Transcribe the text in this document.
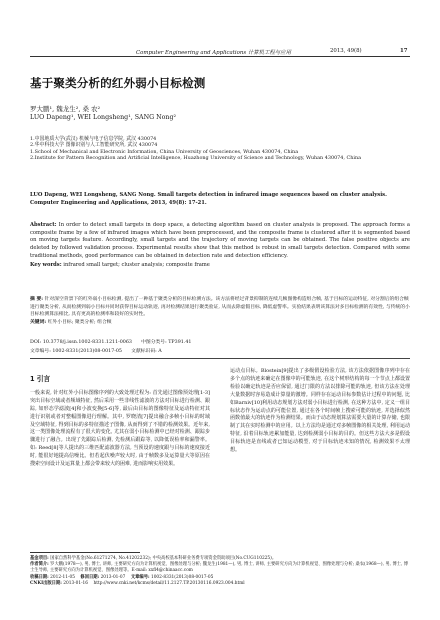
Computer Engineering and Applications 计算机工程与应用	2013, 49(8)	17
基于聚类分析的红外弱小目标检测
罗大鹏¹, 魏龙生², 桑 农²
LUO Dapeng¹, WEI Longsheng¹, SANG Nong²
1.中国地质大学(武汉) 机械与电子信息学院, 武汉 430074
2.华中科技大学 图像识别与人工智能研究所, 武汉 430074
1.School of Mechanical and Electronic Information, China University of Geosciences, Wuhan 430074, China
2.Institute for Pattern Recognition and Artificial Intelligence, Huazhong University of Science and Technology, Wuhan 430074, China
LUO Dapeng, WEI Longsheng, SANG Nong. Small targets detection in infrared image sequences based on cluster analysis. Computer Engineering and Applications, 2013, 49(8): 17-21.
Abstract: In order to detect small targets in deep space, a detecting algorithm based on cluster analysis is proposed. The approach forms a composite frame by a few of infrared images which have been preprocessed, and the composite frame is clustered after it is segmented based on moving targets feature. Accordingly, small targets and the trajectory of moving targets can be obtained. The false positive objects are deleted by followed validation process. Experimental results show that this method is robust in small targets detection. Compared with some traditional methods, good performance can be obtained in detection rate and detection efficiency.
Key words: infrared small target; cluster analysis; composite frame
摘 要: 针对深空背景下的红外弱小目标检测, 提出了一种基于聚类分析的目标检测方法。该方法将经过背景抑制的连续几帧图像构造组合帧, 基于目标的运动特征, 对分割后的组合帧进行聚类分析, 从而检测到弱小目标并同时获得目标运动轨迹, 再对检测结果进行聚类验证, 从而去除虚假目标, 降低虚警率。实验结果表明该算法对多目标检测的有效性, 与传统的小目标检测算法相比, 具有更高的检测率和较好的实时性。
关键词: 红外小目标; 聚类分析; 组合帧
DOI: 10.3778/j.issn.1002-8331.1211-0063 中图分类号: TP391.41
文章编号: 1002-8331(2013)08-0017-05 文献标识码: A
1 引言

一般来说, 针对红外小目标图像序列的大致处理过程为: 首先通过图像预处理[1-3] 突出目标空域或者频域特征, 然后采用一些非线性滤波的方法对目标进行检测、跟踪, 如形态学滤波[4]和小波变换[5-6]等, 最后由目标的图像特征及运动特征对其进行识别或者对整幅图像进行理解。其中, 罗晓清[7]提出融合多帧小目标的时域及空域特征, 得到目标的多特征描述子图像, 从而得到了不错的检测效果。近年来, 这一类图像处理流程有了很大的变化, 尤其在弱小目标检测中已经对检测、跟踪步骤进行了融合。出现了先跟踪后检测, 先检测后跟踪等, 以降低误检率和漏警率。如: Reed[8]等人提出的三维匹配滤波器方法, 当预设的速度跟与目标的速度接近时, 能很好地提高信噪比。但若起伏噪声较大时, 由于帧数多及运算量大等原因在搜索空间设计及运算量上都会带来较大的困难, 进而影响实用效果。

运动点目标。Blostein[9]提出了多级假设检验方法, 该方法依据图像序列中存在多个点的轨迹来确定在图像中的可能轨迹, 在这个树形结构的每一个节点上都设置检验以确定轨迹是否应保留, 通过门限的方法以排除可能的轨迹, 但该方法在处理大量数据时容易造成计算量的激增。同样存在运动目标参数估计过程中的问题, 比如Barniv[10]利用动态规划方法对弱小目标进行检测, 在这种方法中, 定义一组目标状态作为运动点的可能位置, 通过在各个时间帧上搜索可能的轨迹, 并选择似然函数值最大的轨迹作为检测结果。而由于动态规划算法需要大量的计算存储, 也限制了其在实时检测中的应用。以上方法均是通过对多帧图像的相关处理, 利用运动特征, 沿着目标轨迹累加能量, 达到检测弱小目标的目的。但这些方法大多是假设目标轨迹是直线或者已知运动模型, 对于目标轨迹未知的情况, 检测效果不太理想。

基金项目: 国家自然科学基金(No.61271274, No.41202232); 中央高校基本科研业务费专项资金资助项目(No.CUG110225)。
作者简介: 罗大鹏(1978—), 男, 博士, 讲师, 主要研究方向为计算机视觉、图像处理与分析; 魏龙生(1981—), 男, 博士, 讲师, 主要研究方向为计算机视觉、图像处理与分析; 桑农(1968—), 男, 博士, 博士生导师, 主要研究方向为计算机视觉、图像处理等。E-mail: xxfl4@chinaacc.com
收稿日期: 2012-11-05 修回日期: 2013-01-07 文章编号: 1002-8331(2013)08-0017-05
CNKI出版日期: 2013-01-16 http://www.cnki.net/kcms/detail/11.2127.TP.20130116.0923.004.html
